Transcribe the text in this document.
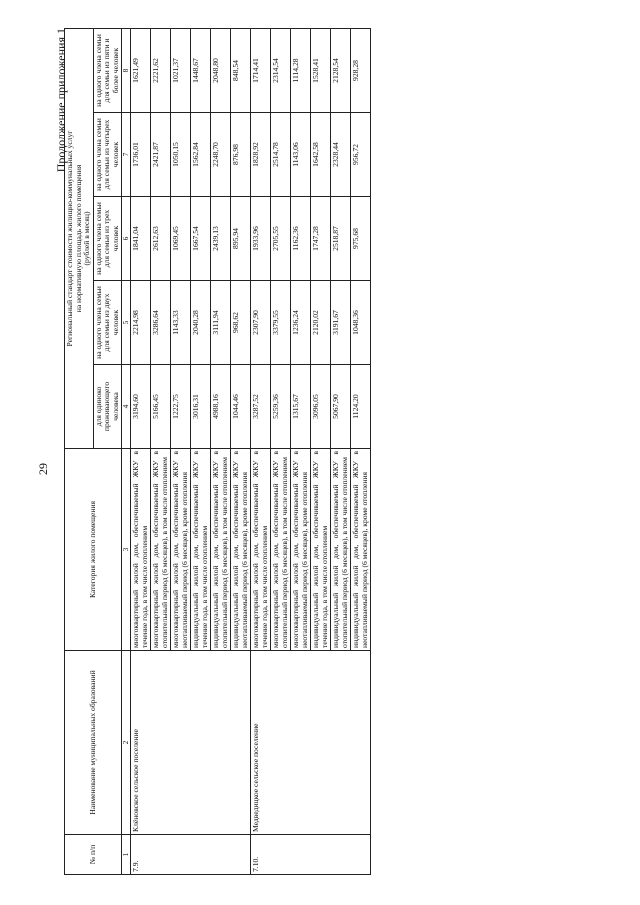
29
Продолжение приложения 1
№ п/п	Наименование муниципальных образований	Категория жилого помещения	Региональный стандарт стоимости жилищно-коммунальных услуг на нормативную площадь жилого помещения (рублей в месяц)				

			для одиноко проживающего человека	на одного члена семьи для семьи из двух человек	на одного члена семьи для семьи из трех человек	на одного члена семьи для семьи из четырех человек	на одного члена семьи для семьи из пяти и более человек
1	2	3	4	5	6	7	8
7.9.	Клёновское сельское поселение	многоквартирный жилой дом, обеспечиваемый ЖКУ в течение года, в том числе отоплением	3194,60	2214,98	1841,04	1736,01	1621,49
		многоквартирный жилой дом, обеспечиваемый ЖКУ в отопительный период (6 месяцев), в том числе отоплением	5166,45	3286,64	2612,63	2421,87	2221,62
		многоквартирный жилой дом, обеспечиваемый ЖКУ в неотапливаемый период (6 месяцев), кроме отопления	1222,75	1143,33	1069,45	1050,15	1021,37
		индивидуальный жилой дом, обеспечиваемый ЖКУ в течение года, в том числе отоплением	3016,31	2040,28	1667,54	1562,84	1448,67
		индивидуальный жилой дом, обеспечиваемый ЖКУ в отопительный период (6 месяцев), в том числе отоплением	4988,16	3111,94	2439,13	2248,70	2048,80
		индивидуальный жилой дом, обеспечиваемый ЖКУ в неотапливаемый период (6 месяцев), кроме отопления	1044,46	968,62	895,94	876,98	848,54
7.10.	Медведицкое сельское поселение	многоквартирный жилой дом, обеспечиваемый ЖКУ в течение года, в том числе отоплением	3287,52	2307,90	1933,96	1828,92	1714,41
		многоквартирный жилой дом, обеспечиваемый ЖКУ в отопительный период (6 месяцев), в том числе отоплением	5259,36	3379,55	2705,55	2514,78	2314,54
		многоквартирный жилой дом, обеспечиваемый ЖКУ в неотапливаемый период (6 месяцев), кроме отопления	1315,67	1236,24	1162,36	1143,06	1114,28
		индивидуальный жилой дом, обеспечиваемый ЖКУ в течение года, в том числе отоплением	3096,05	2120,02	1747,28	1642,58	1528,41
		индивидуальный жилой дом, обеспечиваемый ЖКУ в отопительный период (6 месяцев), в том числе отоплением	5067,90	3191,67	2518,87	2328,44	2128,54
		индивидуальный жилой дом, обеспечиваемый ЖКУ в неотапливаемый период (6 месяцев), кроме отопления	1124,20	1048,36	975,68	956,72	928,28
